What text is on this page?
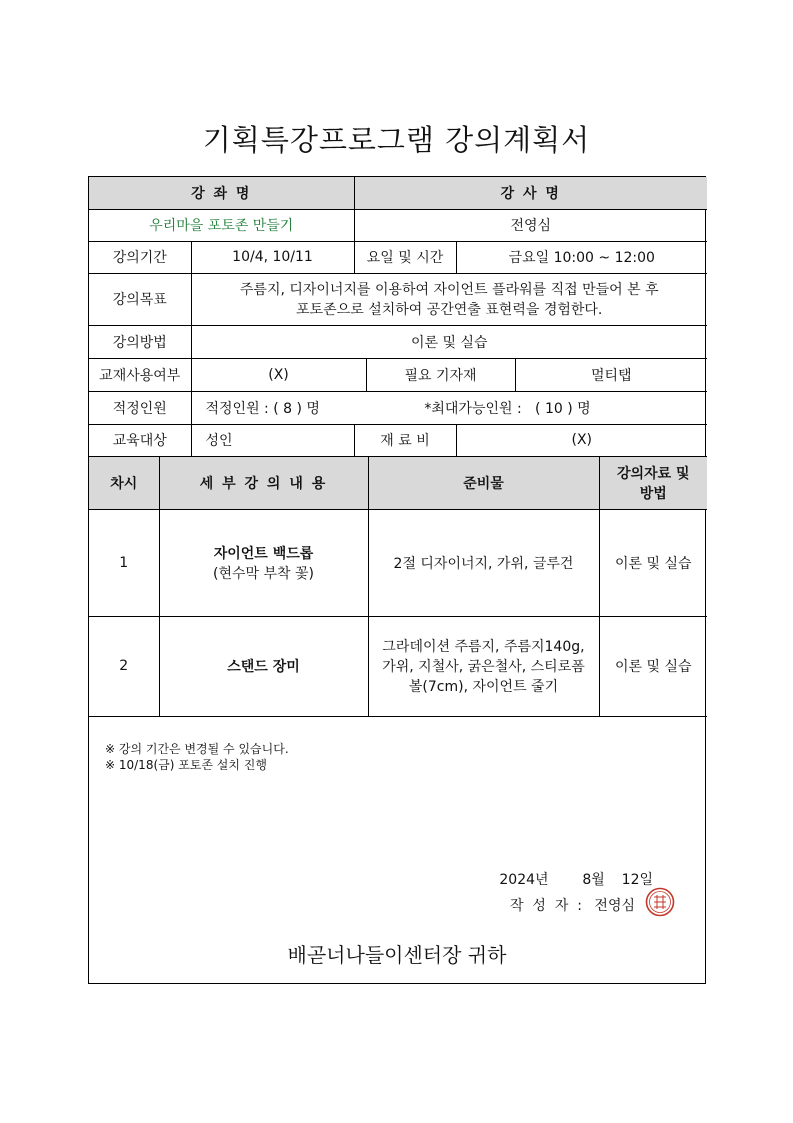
기획특강프로그램 강의계획서
강 좌 명		강 사 명	
우리마을 포토존 만들기		전영심	
강의기간	10/4, 10/11	요일 및 시간	금요일 10:00 ~ 12:00
강의목표	주름지, 디자이너지를 이용하여 자이언트 플라워를 직접 만들어 본 후
포토존으로 설치하여 공간연출 표현력을 경험한다.		

강의방법	이론 및 실습		
교재사용여부	(X)	필요 기자재	멀티탭
적정인원	적정인원 : ( 8 ) 명	*최대가능인원 :   ( 10 ) 명
교육대상	성인	재 료 비	(X)
차시	세 부 강 의 내 용	준비물	강의자료 및
방법

1	자이언트 백드롭
(현수막 부착 꽃)	2절 디자이너지, 가위, 글루건	이론 및 실습
2	스탠드 장미	그라데이션 주름지, 주름지140g,
가위, 지철사, 굵은철사, 스티로폼
볼(7cm), 자이언트 줄기	이론 및 실습
※ 강의 기간은 변경될 수 있습니다.
※ 10/18(금) 포토존 설치 진행
2024년    8월  12일
작  성  자  : 전영심
배곧너나들이센터장 귀하
